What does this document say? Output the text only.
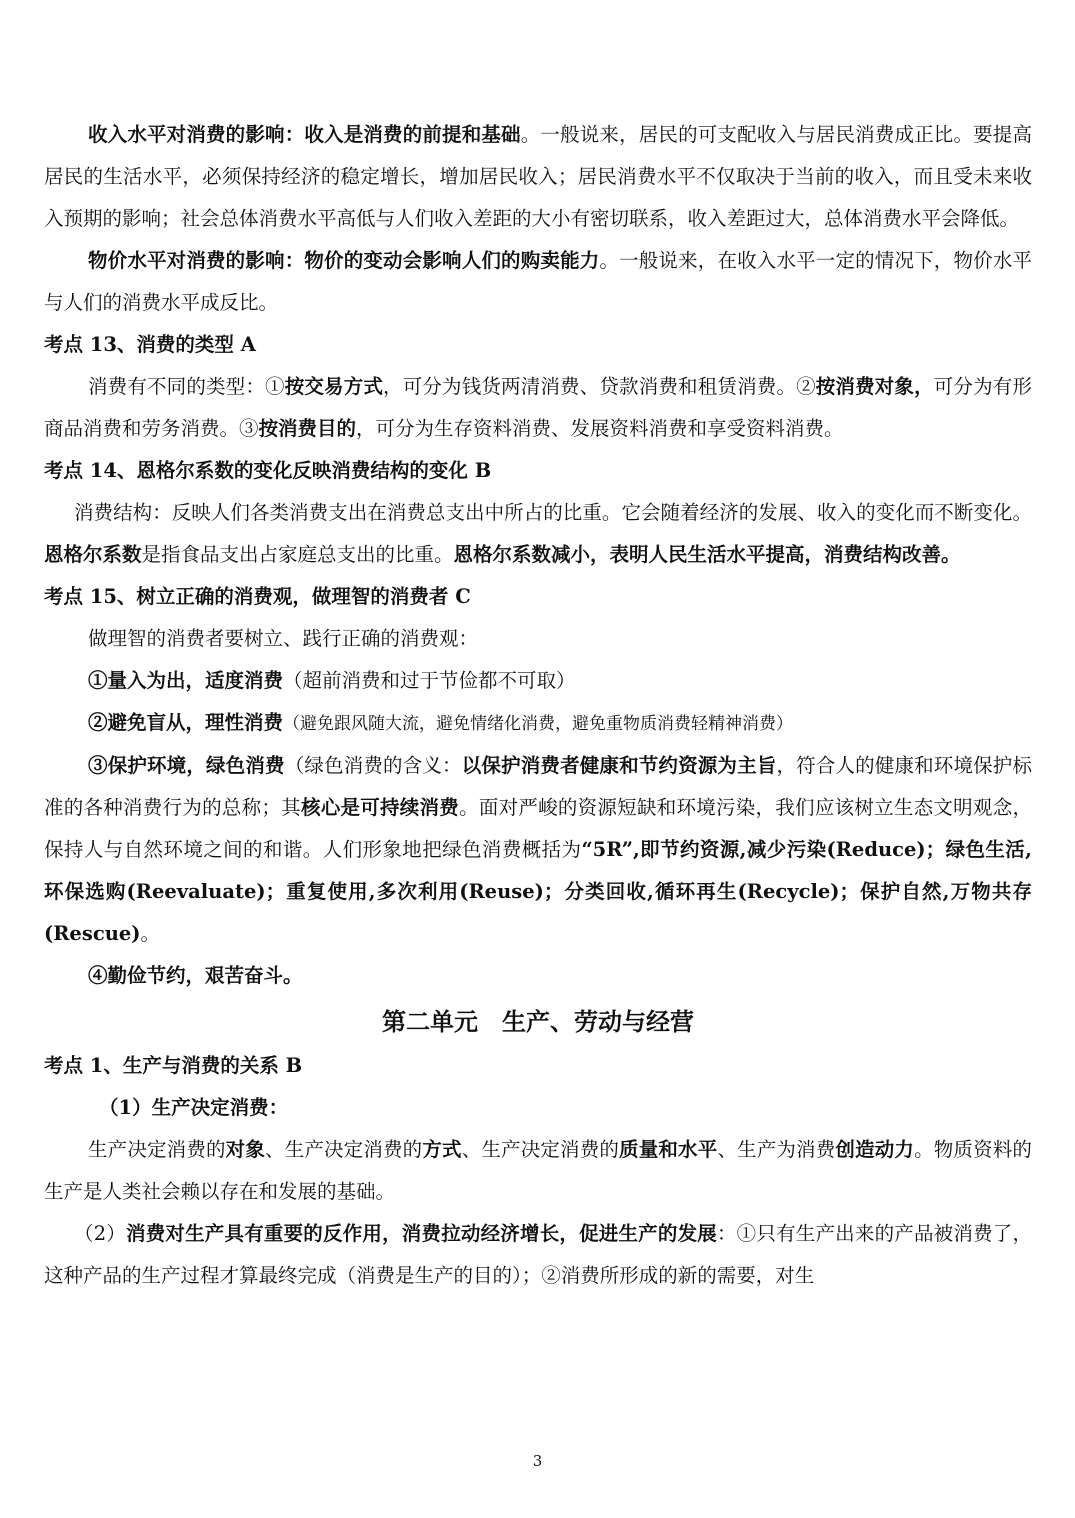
收入水平对消费的影响：收入是消费的前提和基础。一般说来，居民的可支配收入与居民消费成正比。要提高居民的生活水平，必须保持经济的稳定增长，增加居民收入；居民消费水平不仅取决于当前的收入，而且受未来收入预期的影响；社会总体消费水平高低与人们收入差距的大小有密切联系，收入差距过大，总体消费水平会降低。

物价水平对消费的影响：物价的变动会影响人们的购卖能力。一般说来，在收入水平一定的情况下，物价水平与人们的消费水平成反比。

考点 13、消费的类型 A

消费有不同的类型：①按交易方式，可分为钱货两清消费、贷款消费和租赁消费。②按消费对象，可分为有形商品消费和劳务消费。③按消费目的，可分为生存资料消费、发展资料消费和享受资料消费。

考点 14、恩格尔系数的变化反映消费结构的变化 B

消费结构：反映人们各类消费支出在消费总支出中所占的比重。它会随着经济的发展、收入的变化而不断变化。恩格尔系数是指食品支出占家庭总支出的比重。恩格尔系数减小，表明人民生活水平提高，消费结构改善。

考点 15、树立正确的消费观，做理智的消费者 C

做理智的消费者要树立、践行正确的消费观：

①量入为出，适度消费（超前消费和过于节俭都不可取）

②避免盲从，理性消费（避免跟风随大流，避免情绪化消费，避免重物质消费轻精神消费）

③保护环境，绿色消费（绿色消费的含义：以保护消费者健康和节约资源为主旨，符合人的健康和环境保护标准的各种消费行为的总称；其核心是可持续消费。面对严峻的资源短缺和环境污染，我们应该树立生态文明观念，保持人与自然环境之间的和谐。人们形象地把绿色消费概括为“5R”,即节约资源,减少污染(Reduce)；绿色生活,环保选购(Reevaluate)；重复使用,多次利用(Reuse)；分类回收,循环再生(Recycle)；保护自然,万物共存(Rescue)。

④勤俭节约，艰苦奋斗。

第二单元　生产、劳动与经营

考点 1、生产与消费的关系 B

（1）生产决定消费：

生产决定消费的对象、生产决定消费的方式、生产决定消费的质量和水平、生产为消费创造动力。物质资料的生产是人类社会赖以存在和发展的基础。

（2）消费对生产具有重要的反作用，消费拉动经济增长，促进生产的发展：①只有生产出来的产品被消费了，这种产品的生产过程才算最终完成（消费是生产的目的）；②消费所形成的新的需要，对生

3
